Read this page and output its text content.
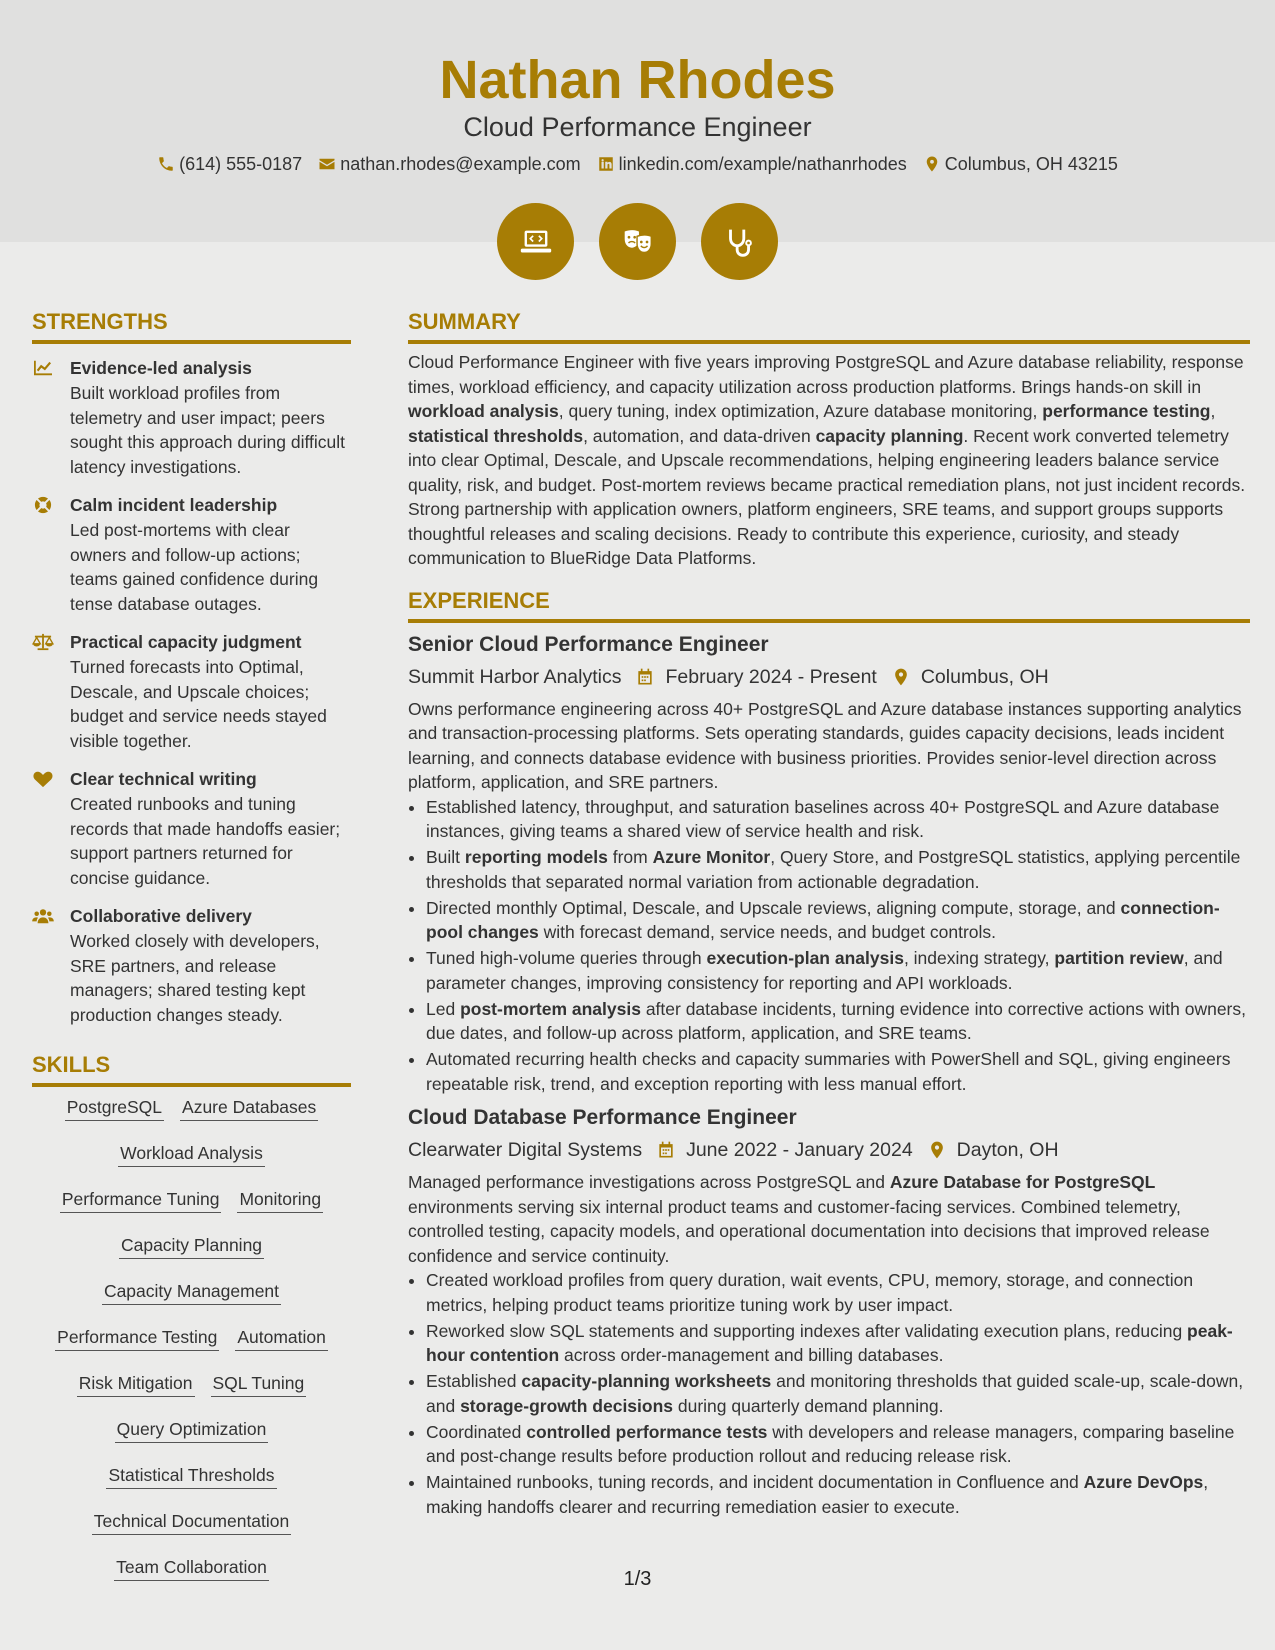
Nathan Rhodes
Cloud Performance Engineer
(614) 555-0187 nathan.rhodes@example.com linkedin.com/example/nathanrhodes Columbus, OH 43215
STRENGTHS
Evidence-led analysis
Built workload profiles from telemetry and user impact; peers sought this approach during difficult latency investigations.
Calm incident leadership
Led post-mortems with clear owners and follow-up actions; teams gained confidence during tense database outages.
Practical capacity judgment
Turned forecasts into Optimal, Descale, and Upscale choices; budget and service needs stayed visible together.
Clear technical writing
Created runbooks and tuning records that made handoffs easier; support partners returned for concise guidance.
Collaborative delivery
Worked closely with developers, SRE partners, and release managers; shared testing kept production changes steady.
SKILLS
PostgreSQL Azure Databases
Workload Analysis
Performance Tuning Monitoring
Capacity Planning
Capacity Management
Performance Testing Automation
Risk Mitigation SQL Tuning
Query Optimization
Statistical Thresholds
Technical Documentation
Team Collaboration
SUMMARY
Cloud Performance Engineer with five years improving PostgreSQL and Azure database reliability, response times, workload efficiency, and capacity utilization across production platforms. Brings hands-on skill in workload analysis, query tuning, index optimization, Azure database monitoring, performance testing, statistical thresholds, automation, and data-driven capacity planning. Recent work converted telemetry into clear Optimal, Descale, and Upscale recommendations, helping engineering leaders balance service quality, risk, and budget. Post-mortem reviews became practical remediation plans, not just incident records. Strong partnership with application owners, platform engineers, SRE teams, and support groups supports thoughtful releases and scaling decisions. Ready to contribute this experience, curiosity, and steady communication to BlueRidge Data Platforms.
EXPERIENCE
Senior Cloud Performance Engineer
Summit Harbor Analytics February 2024 - Present Columbus, OH
Owns performance engineering across 40+ PostgreSQL and Azure database instances supporting analytics and transaction-processing platforms. Sets operating standards, guides capacity decisions, leads incident learning, and connects database evidence with business priorities. Provides senior-level direction across platform, application, and SRE partners.
• Established latency, throughput, and saturation baselines across 40+ PostgreSQL and Azure database instances, giving teams a shared view of service health and risk.
• Built reporting models from Azure Monitor, Query Store, and PostgreSQL statistics, applying percentile thresholds that separated normal variation from actionable degradation.
• Directed monthly Optimal, Descale, and Upscale reviews, aligning compute, storage, and connection-pool changes with forecast demand, service needs, and budget controls.
• Tuned high-volume queries through execution-plan analysis, indexing strategy, partition review, and parameter changes, improving consistency for reporting and API workloads.
• Led post-mortem analysis after database incidents, turning evidence into corrective actions with owners, due dates, and follow-up across platform, application, and SRE teams.
• Automated recurring health checks and capacity summaries with PowerShell and SQL, giving engineers repeatable risk, trend, and exception reporting with less manual effort.
Cloud Database Performance Engineer
Clearwater Digital Systems June 2022 - January 2024 Dayton, OH
Managed performance investigations across PostgreSQL and Azure Database for PostgreSQL environments serving six internal product teams and customer-facing services. Combined telemetry, controlled testing, capacity models, and operational documentation into decisions that improved release confidence and service continuity.
• Created workload profiles from query duration, wait events, CPU, memory, storage, and connection metrics, helping product teams prioritize tuning work by user impact.
• Reworked slow SQL statements and supporting indexes after validating execution plans, reducing peak-hour contention across order-management and billing databases.
• Established capacity-planning worksheets and monitoring thresholds that guided scale-up, scale-down, and storage-growth decisions during quarterly demand planning.
• Coordinated controlled performance tests with developers and release managers, comparing baseline and post-change results before production rollout and reducing release risk.
• Maintained runbooks, tuning records, and incident documentation in Confluence and Azure DevOps, making handoffs clearer and recurring remediation easier to execute.
1/3
